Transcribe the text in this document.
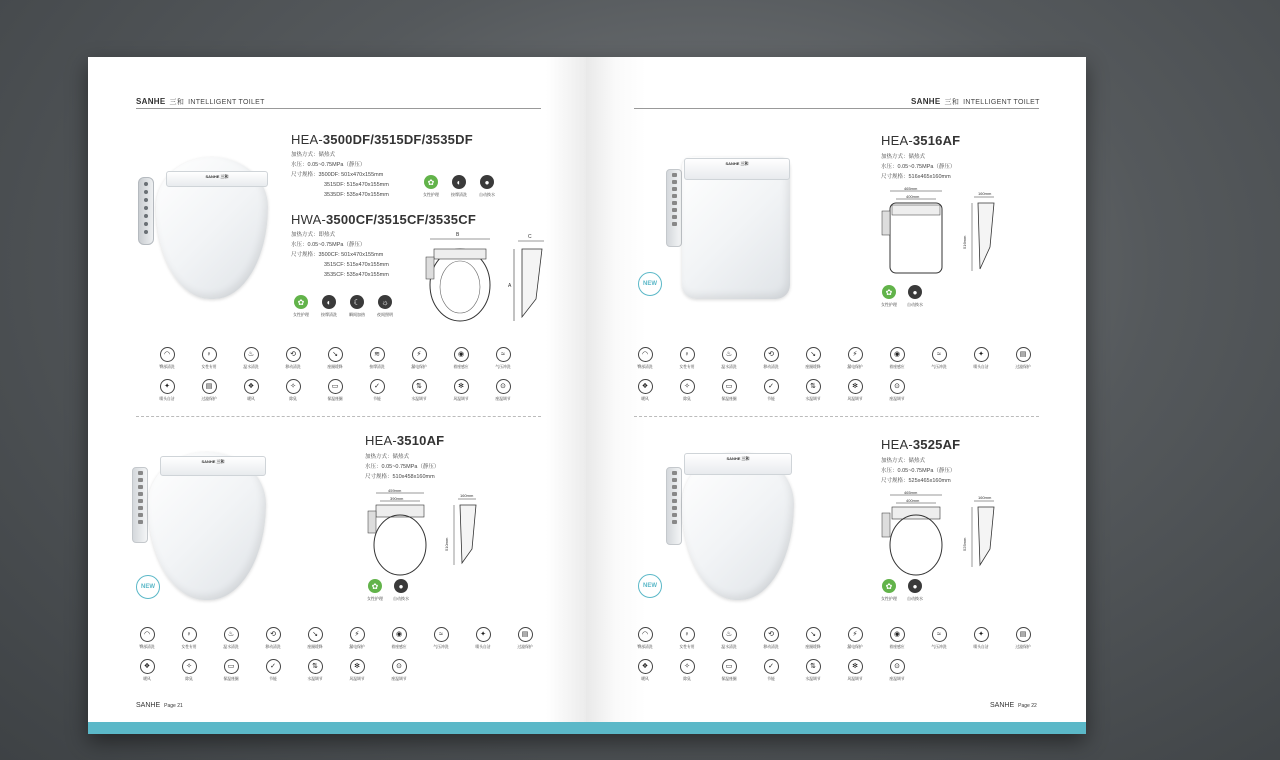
SANHE 三和 INTELLIGENT TOILET
SANHE 三和
HEA-3500DF/3515DF/3535DF
加热方式：储热式
水压：0.05~0.75MPa（静压）
尺寸规格：3500DF: 501x470x155mm
3515DF: 515x470x155mm
3535DF: 535x470x155mm
✿
女性护理
◐
按摩清洗
●
自动换水
HWA-3500CF/3515CF/3535CF
加热方式：即热式
水压：0.05~0.75MPa（静压）
尺寸规格：3500CF: 501x470x155mm
3515CF: 515x470x155mm
3535CF: 535x470x155mm
✿
女性护理
◐
按摩清洗
☾
瞬间加热
☼
夜间照明
B	C
A
◠
臀部清洗
♀
女性专用
♨
温水清洗
⟲
移动清洗
↘
座圈缓降
≋
按摩清洗
⚡
漏电保护
◉
着座感应
≈
气压冲洗
✦
喷头自洁
▤
过滤保护
❖
暖风
✧
除臭
▭
保温座圈
✓
节能
⇅
水温调节
✻
风温调节
⊙
座温调节
SANHE 三和
NEW
HEA-3510AF
加热方式：储热式
水压：0.05~0.75MPa（静压）
尺寸规格：510x458x160mm
459mm
390mm
160mm
510mm
✿
女性护理
●
自动换水
◠
臀部清洗
♀
女性专用
♨
温水清洗
⟲
移动清洗
↘
座圈缓降
⚡
漏电保护
◉
着座感应
≈
气压冲洗
✦
喷头自洁
▤
过滤保护
❖
暖风
✧
除臭
▭
保温座圈
✓
节能
⇅
水温调节
✻
风温调节
⊙
座温调节
SANHE Page 21
SANHE 三和 INTELLIGENT TOILET
SANHE 三和
NEW
HEA-3516AF
加热方式：储热式
水压：0.05~0.75MPa（静压）
尺寸规格：516x465x160mm
465mm
400mm
160mm
516mm
✿
女性护理
●
自动换水
◠
臀部清洗
♀
女性专用
♨
温水清洗
⟲
移动清洗
↘
座圈缓降
⚡
漏电保护
◉
着座感应
≈
气压冲洗
✦
喷头自洁
▤
过滤保护
❖
暖风
✧
除臭
▭
保温座圈
✓
节能
⇅
水温调节
✻
风温调节
⊙
座温调节
SANHE 三和
NEW
HEA-3525AF
加热方式：储热式
水压：0.05~0.75MPa（静压）
尺寸规格：525x465x160mm
465mm
400mm
160mm
525mm
✿
女性护理
●
自动换水
◠
臀部清洗
♀
女性专用
♨
温水清洗
⟲
移动清洗
↘
座圈缓降
⚡
漏电保护
◉
着座感应
≈
气压冲洗
✦
喷头自洁
▤
过滤保护
❖
暖风
✧
除臭
▭
保温座圈
✓
节能
⇅
水温调节
✻
风温调节
⊙
座温调节
SANHE Page 22
